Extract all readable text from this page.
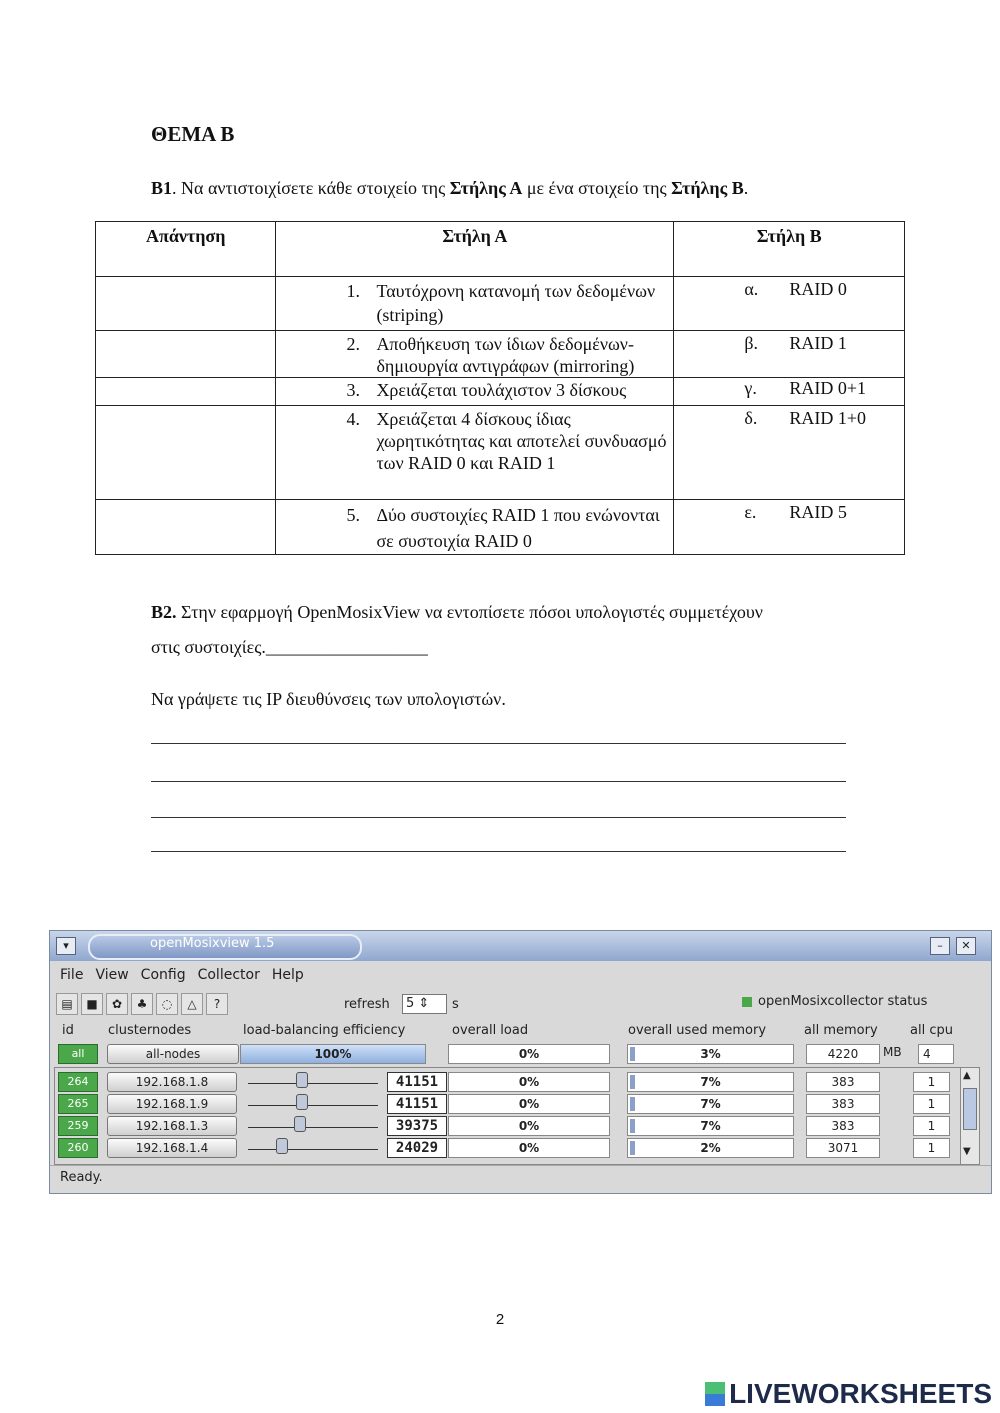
ΘΕΜΑ Β
Β1. Να αντιστοιχίσετε κάθε στοιχείο της Στήλης Α με ένα στοιχείο της Στήλης Β.
Απάντηση	Στήλη Α	Στήλη Β

	1. Ταυτόχρονη κατανομή των δεδομένων (striping)	α. RAID 0

	2. Αποθήκευση των ίδιων δεδομένων- δημιουργία αντιγράφων (mirroring)	β. RAID 1

	3. Χρειάζεται τουλάχιστον 3 δίσκους	γ. RAID 0+1

	4. Χρειάζεται 4 δίσκους ίδιας χωρητικότητας και αποτελεί συνδυασμό των RAID 0 και RAID 1	δ. RAID 1+0

	5. Δύο συστοιχίες RAID 1 που ενώνονται σε συστοιχία RAID 0	ε. RAID 5
Β2. Στην εφαρμογή OpenMosixView να εντοπίσετε πόσοι υπολογιστές συμμετέχουν
στις συστοιχίες.__________________
Να γράψετε τις IP διευθύνσεις των υπολογιστών.
▾	openMosixview 1.5	–	✕
File View Config Collector Help
▤	■	✿	♣	◌	△	?	refresh	5 ⇕	s	openMosixcollector status
id	clusternodes	load-balancing efficiency	overall load	overall used memory	all memory all cpu
all	all-nodes	100%	0%	3%	4220	MB	4
▲
▼
264	192.168.1.8	41151	0%	7%	383	1
265	192.168.1.9	41151	0%	7%	383	1
259	192.168.1.3	39375	0%	7%	383	1
260	192.168.1.4	24029	0%	2%	3071	1
Ready.
2
LIVEWORKSHEETS
